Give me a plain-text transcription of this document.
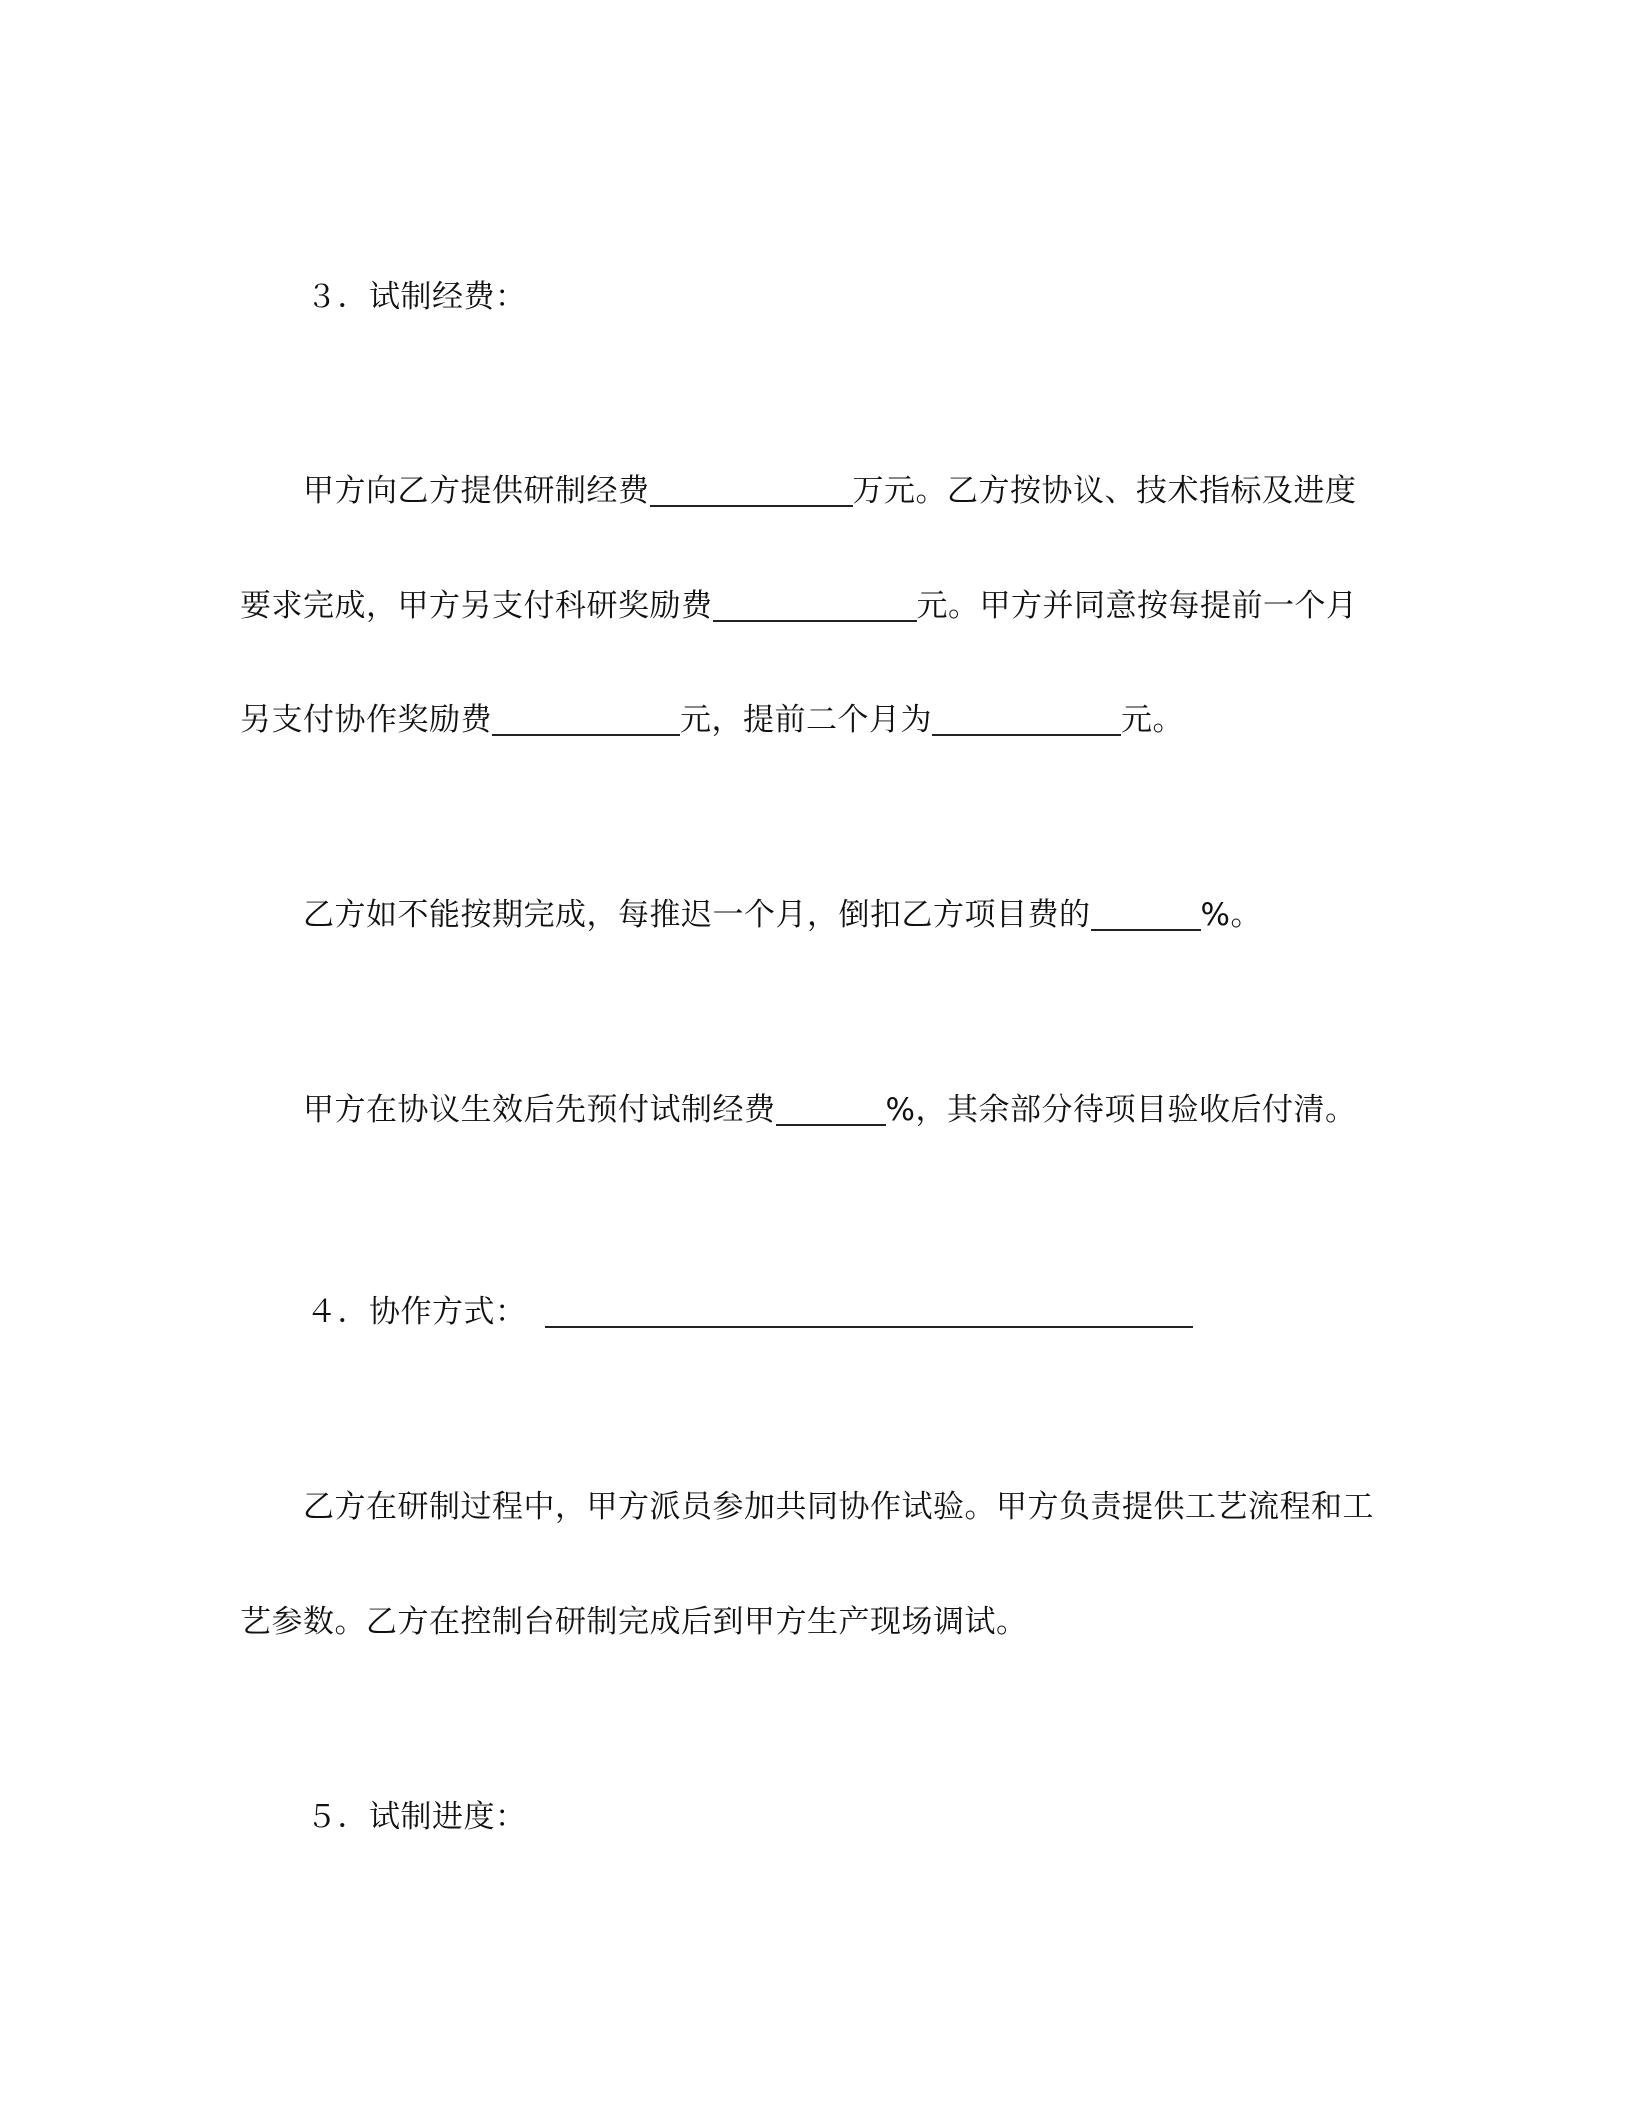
３．试制经费：
甲方向乙方提供研制经费	万元。乙方按协议、技术指标及进度
要求完成，甲方另支付科研奖励费	元。甲方并同意按每提前一个月
另支付协作奖励费	元，提前二个月为	元。
乙方如不能按期完成，每推迟一个月，倒扣乙方项目费的	%。
甲方在协议生效后先预付试制经费	%，其余部分待项目验收后付清。
４．协作方式：
乙方在研制过程中，甲方派员参加共同协作试验。甲方负责提供工艺流程和工
艺参数。乙方在控制台研制完成后到甲方生产现场调试。
５．试制进度：
